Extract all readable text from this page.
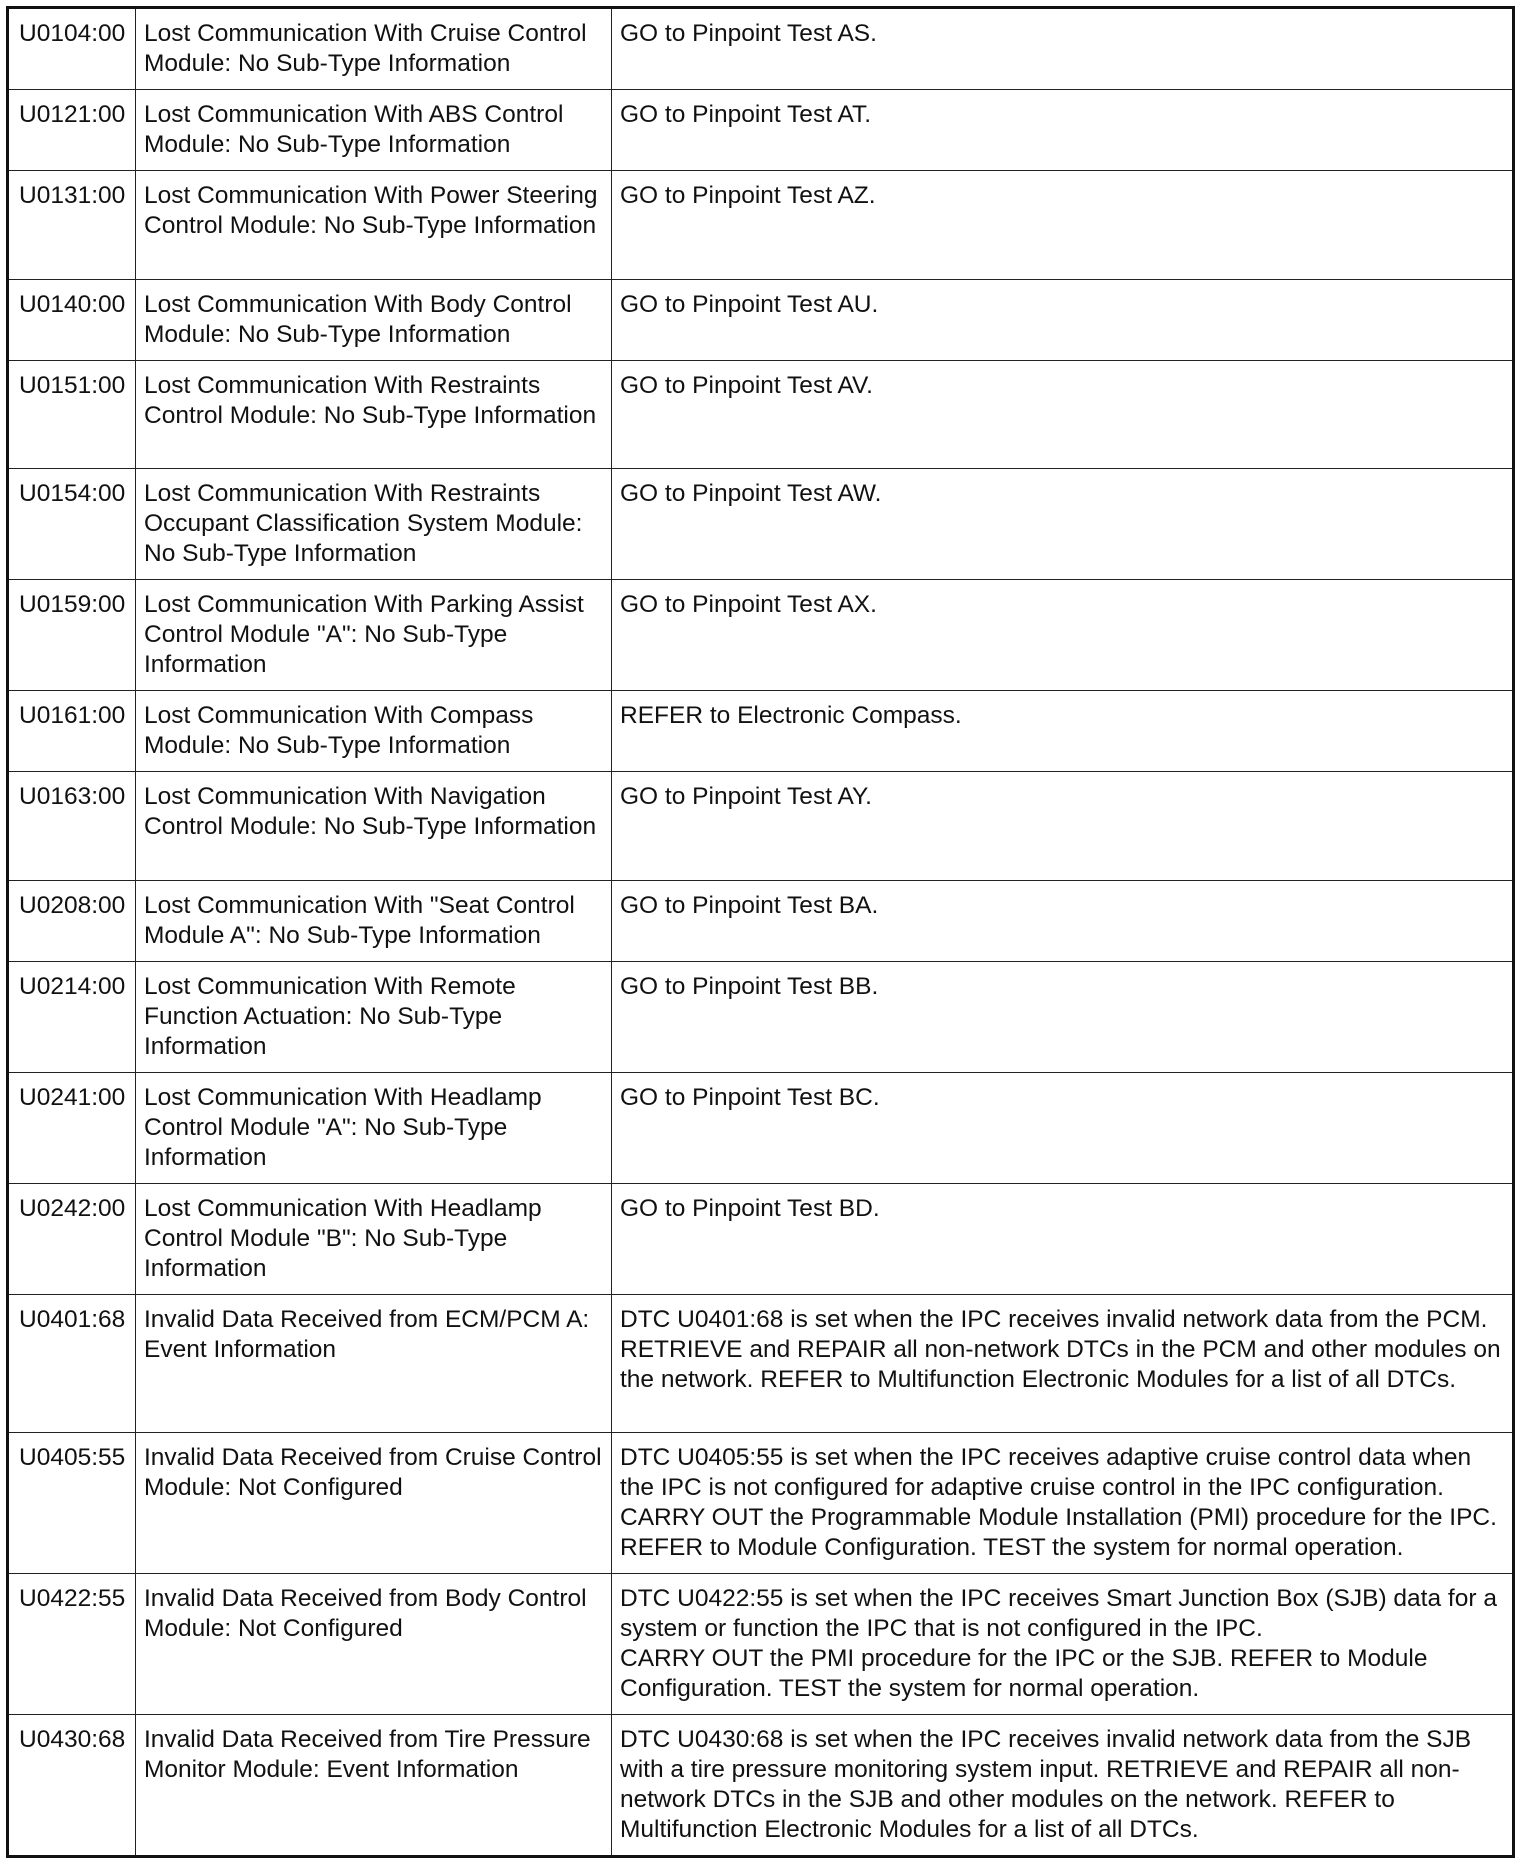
U0104:00	Lost Communication With Cruise Control Module: No Sub-Type Information	GO to Pinpoint Test AS.
U0121:00	Lost Communication With ABS Control Module: No Sub-Type Information	GO to Pinpoint Test AT.
U0131:00	Lost Communication With Power Steering Control Module: No Sub-Type Information	GO to Pinpoint Test AZ.
U0140:00	Lost Communication With Body Control Module: No Sub-Type Information	GO to Pinpoint Test AU.
U0151:00	Lost Communication With Restraints Control Module: No Sub-Type Information	GO to Pinpoint Test AV.
U0154:00	Lost Communication With Restraints Occupant Classification System Module: No Sub-Type Information	GO to Pinpoint Test AW.
U0159:00	Lost Communication With Parking Assist Control Module "A": No Sub-Type Information	GO to Pinpoint Test AX.
U0161:00	Lost Communication With Compass Module: No Sub-Type Information	REFER to Electronic Compass.
U0163:00	Lost Communication With Navigation Control Module: No Sub-Type Information	GO to Pinpoint Test AY.
U0208:00	Lost Communication With "Seat Control Module A": No Sub-Type Information	GO to Pinpoint Test BA.
U0214:00	Lost Communication With Remote Function Actuation: No Sub-Type Information	GO to Pinpoint Test BB.
U0241:00	Lost Communication With Headlamp Control Module "A": No Sub-Type Information	GO to Pinpoint Test BC.
U0242:00	Lost Communication With Headlamp Control Module "B": No Sub-Type Information	GO to Pinpoint Test BD.
U0401:68	Invalid Data Received from ECM/PCM A: Event Information	DTC U0401:68 is set when the IPC receives invalid network data from the PCM. RETRIEVE and REPAIR all non-network DTCs in the PCM and other modules on the network. REFER to Multifunction Electronic Modules for a list of all DTCs.
U0405:55	Invalid Data Received from Cruise Control Module: Not Configured	DTC U0405:55 is set when the IPC receives adaptive cruise control data when the IPC is not configured for adaptive cruise control in the IPC configuration. CARRY OUT the Programmable Module Installation (PMI) procedure for the IPC. REFER to Module Configuration. TEST the system for normal operation.
U0422:55	Invalid Data Received from Body Control Module: Not Configured	DTC U0422:55 is set when the IPC receives Smart Junction Box (SJB) data for a system or function the IPC that is not configured in the IPC.
CARRY OUT the PMI procedure for the IPC or the SJB. REFER to Module Configuration. TEST the system for normal operation.
U0430:68	Invalid Data Received from Tire Pressure Monitor Module: Event Information	DTC U0430:68 is set when the IPC receives invalid network data from the SJB with a tire pressure monitoring system input. RETRIEVE and REPAIR all non-network DTCs in the SJB and other modules on the network. REFER to Multifunction Electronic Modules for a list of all DTCs.
